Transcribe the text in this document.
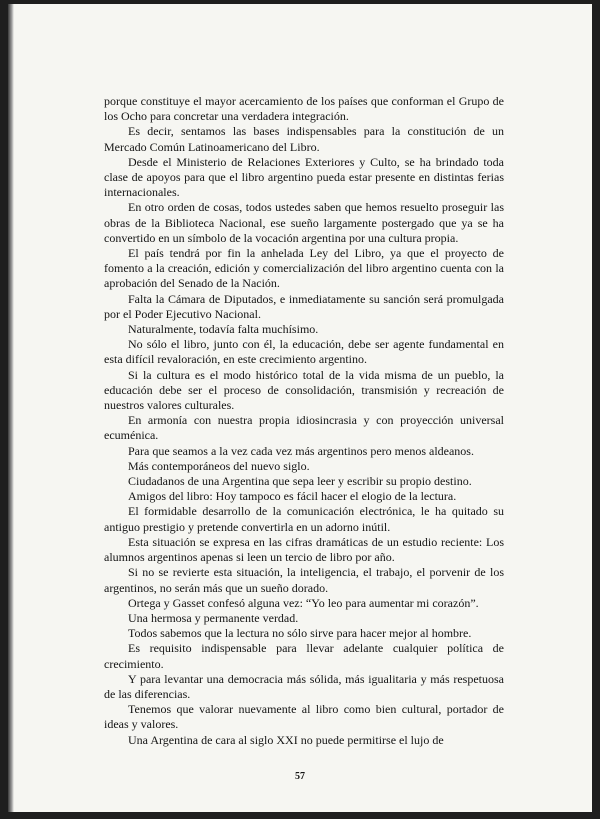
porque constituye el mayor acercamiento de los países que conforman el Grupo de los Ocho para concretar una verdadera integración.

Es decir, sentamos las bases indispensables para la constitución de un Mercado Común Latinoamericano del Libro.

Desde el Ministerio de Relaciones Exteriores y Culto, se ha brindado toda clase de apoyos para que el libro argentino pueda estar presente en distintas ferias internacionales.

En otro orden de cosas, todos ustedes saben que hemos resuelto proseguir las obras de la Biblioteca Nacional, ese sueño largamente postergado que ya se ha convertido en un símbolo de la vocación argentina por una cultura propia.

El país tendrá por fin la anhelada Ley del Libro, ya que el proyecto de fomento a la creación, edición y comercialización del libro argentino cuenta con la aprobación del Senado de la Nación.

Falta la Cámara de Diputados, e inmediatamente su sanción será promulgada por el Poder Ejecutivo Nacional.

Naturalmente, todavía falta muchísimo.

No sólo el libro, junto con él, la educación, debe ser agente fundamental en esta difícil revaloración, en este crecimiento argentino.

Si la cultura es el modo histórico total de la vida misma de un pueblo, la educación debe ser el proceso de consolidación, transmisión y recreación de nuestros valores culturales.

En armonía con nuestra propia idiosincrasia y con proyección universal ecuménica.

Para que seamos a la vez cada vez más argentinos pero menos aldeanos.

Más contemporáneos del nuevo siglo.

Ciudadanos de una Argentina que sepa leer y escribir su propio destino.

Amigos del libro: Hoy tampoco es fácil hacer el elogio de la lectura.

El formidable desarrollo de la comunicación electrónica, le ha quitado su antiguo prestigio y pretende convertirla en un adorno inútil.

Esta situación se expresa en las cifras dramáticas de un estudio reciente: Los alumnos argentinos apenas si leen un tercio de libro por año.

Si no se revierte esta situación, la inteligencia, el trabajo, el porvenir de los argentinos, no serán más que un sueño dorado.

Ortega y Gasset confesó alguna vez: “Yo leo para aumentar mi corazón”.

Una hermosa y permanente verdad.

Todos sabemos que la lectura no sólo sirve para hacer mejor al hombre.

Es requisito indispensable para llevar adelante cualquier política de crecimiento.

Y para levantar una democracia más sólida, más igualitaria y más respetuosa de las diferencias.

Tenemos que valorar nuevamente al libro como bien cultural, portador de ideas y valores.

Una Argentina de cara al siglo XXI no puede permitirse el lujo de

57
